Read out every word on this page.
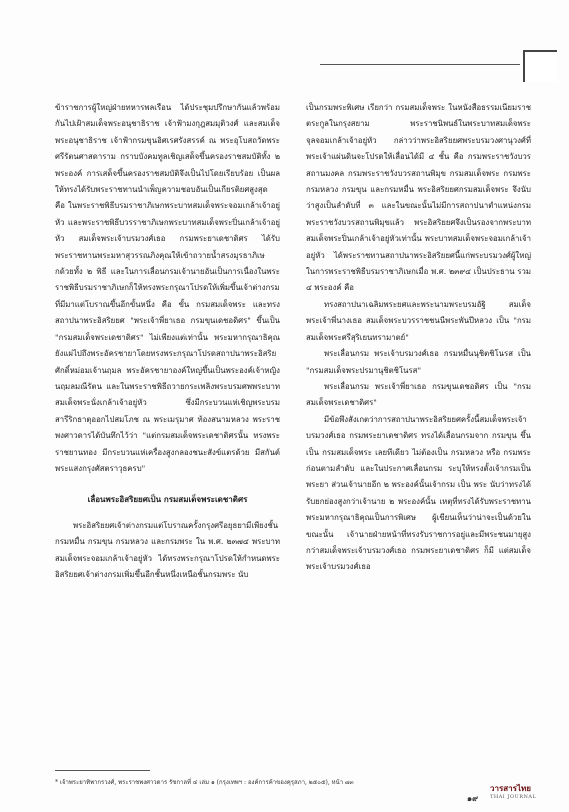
ข้าราชการผู้ใหญ่ฝ่ายทหารพลเรือน ได้ประชุมปรึกษากันแล้วพร้อมกันไปเฝ้าสมเด็จพระอนุชาธิราช เจ้าฟ้ามงกุฎสมมุติวงศ์ และสมเด็จพระอนุชาธิราช เจ้าฟ้ากรมขุนอิศเรศรังสรรค์ ณ พระอุโบสถวัดพระศรีรัตนศาสดาราม กราบบังคมทูลเชิญเสด็จขึ้นครองราชสมบัติทั้ง ๒ พระองค์ การเสด็จขึ้นครองราชสมบัติจึงเป็นไปโดยเรียบร้อย เป็นผลให้ทรงได้รับพระราชทานนำเพ็ญความชอบอันเป็นเกียรติยศสูงสุด คือ ในพระราชพิธีบรมราชาภิเษกพระบาทสมเด็จพระจอมเกล้าเจ้าอยู่หัว และพระราชพิธีบวรราชาภิเษกพระบาทสมเด็จพระปิ่นเกล้าเจ้าอยู่หัว สมเด็จพระเจ้าบรมวงศ์เธอ กรมพระยาเดชาดิศร ได้รับพระราชทานพระมหาสุวรรณภิงคุณให้เข้าถวายน้ำสรงมุรธาภิเษกด้วยทั้ง ๒ พิธี และในการเลื่อนกรมเจ้านายอันเป็นการเนื่องในพระราชพิธีบรมราชาภิเษกก็ให้ทรงพระกรุณาโปรดให้เพิ่มขึ้นเจ้าต่างกรมที่มีมาแต่โบราณขึ้นอีกขั้นหนึ่ง คือ ขั้น กรมสมเด็จพระ และทรงสถาปนาพระอิสริยยศ "พระเจ้าพี่ยาเธอ กรมขุนเดชอดิศร" ขึ้นเป็น "กรมสมเด็จพระเดชาดิศร" ไม่เพียงแต่เท่านั้น พระมหากรุณาธิคุณยังแผ่ไปถึงพระอัครชายาโดยทรงพระกรุณาโปรดสถาปนาพระอิสริยศักดิ์หม่อมเจ้านฤมล พระอัครชายาองค์ใหญ่ขึ้นเป็นพระองค์เจ้าหญิงนฤมลมณีรัตน และในพระราชพิธีถวายกระเพลิงพระบรมศพพระบาทสมเด็จพระนั่งเกล้าเจ้าอยู่หัว ซึ่งมีกระบวนแห่เชิญพระบรมสารีริกธาตุออกไปสมโภช ณ พระเมรุมาศ ท้องสนามหลวง พระราชพงศาวดารได้บันทึกไว้ว่า "แต่กรมสมเด็จพระเดชาดิศรนั้น ทรงพระราชยานทอง มีกระบวนแห่เครื่องสูงกลองชนะสังข์แตรด้วย มีสกันต์พระแสงกรุงศัสตราวุธครบ"

เลื่อนพระอิสริยยศเป็น กรมสมเด็จพระเดชาดิศร

พระอิสริยยศเจ้าต่างกรมแต่โบราณครั้งกรุงศรีอยุธยามีเพียงชั้นกรมหมื่น กรมขุน กรมหลวง และกรมพระ ใน พ.ศ. ๒๓๗๔ พระบาทสมเด็จพระจอมเกล้าเจ้าอยู่หัว ได้ทรงพระกรุณาโปรดให้กำหนดพระอิสริยยศเจ้าต่างกรมเพิ่มขึ้นอีกชั้นหนึ่งเหนือชั้นกรมพระ นับ

เป็นกรมพระพิเศษ เรียกว่า กรมสมเด็จพระ ในหนังสือธรรมเนียมราชตระกูลในกรุงสยาม พระราชนิพนธ์ในพระบาทสมเด็จพระจุลจอมเกล้าเจ้าอยู่หัว กล่าวว่าพระอิสริยยศพระบรมวงศานุวงศ์ที่พระเจ้าแผ่นดินจะโปรดให้เลื่อนได้มี ๔ ชั้น คือ กรมพระราชวังบวรสถานมงคล กรมพระราชวังบวรสถานพิมุข กรมสมเด็จพระ กรมพระ กรมหลวง กรมขุน และกรมหมื่น พระอิสริยยศกรมสมเด็จพระ จึงนับว่าสูงเป็นลำดับที่ ๓ และในขณะนั้นไม่มีการสถาปนาตำแหน่งกรมพระราชวังบวรสถานพิมุขแล้ว พระอิสริยยศจึงเป็นรองจากพระบาทสมเด็จพระปิ่นเกล้าเจ้าอยู่หัวเท่านั้น พระบาทสมเด็จพระจอมเกล้าเจ้าอยู่หัว ได้พระราชทานสถาปนาพระอิสริยยศนี้แก่พระบรมวงศ์ผู้ใหญ่ในการพระราชพิธีบรมราชาภิเษกเมื่อ พ.ศ. ๒๓๙๔ เป็นประธาน รวม ๔ พระองค์ คือ

ทรงสถาปนาเฉลิมพระยศและพระนามพระบรมอัฐิ สมเด็จพระเจ้าพี่นางเธอ สมเด็จพระบวรราชชนนีพระพันปีหลวง เป็น "กรมสมเด็จพระศรีสุริเยนทรามาตย์"

พระเลื่อนกรม พระเจ้าบรมวงศ์เธอ กรมหมื่นนุชิตชิโนรส เป็น "กรมสมเด็จพระปรมานุชิตชิโนรส"

พระเลื่อนกรม พระเจ้าพี่ยาเธอ กรมขุนเดชอดิศร เป็น "กรมสมเด็จพระเดชาดิศร"

มีข้อพึงสังเกตว่าการสถาปนาพระอิสริยยศครั้งนี้สมเด็จพระเจ้าบรมวงศ์เธอ กรมพระยาเดชาดิศร ทรงได้เลื่อนกรมจาก กรมขุน ขึ้นเป็น กรมสมเด็จพระ เลยทีเดียว ไม่ต้องเป็น กรมหลวง หรือ กรมพระ ก่อนตามลำดับ และในประกาศเลื่อนกรม ระบุให้ทรงตั้งเจ้ากรมเป็น พระยา ส่วนเจ้านายอีก ๒ พระองค์นั้นเจ้ากรม เป็น พระ นับว่าทรงได้รับยกย่องสูงกว่าเจ้านาย ๒ พระองค์นั้น เหตุที่ทรงได้รับพระราชทานพระมหากรุณาธิคุณเป็นการพิเศษ ผู้เขียนเห็นว่าน่าจะเป็นด้วยในขณะนั้น เจ้านายฝ่ายหน้าที่ทรงรับราชการอยู่และมีพระชนมายุสูงกว่าสมเด็จพระเจ้าบรมวงศ์เธอ กรมพระยาเดชาดิศร ก็มี แต่สมเด็จพระเจ้าบรมวงศ์เธอ

* เจ้าพระยาทิพากรวงศ์, พระราชพงศาวดาร รัชกาลที่ ๔ เล่ม ๑ (กรุงเทพฯ : องค์การค้าของคุรุสภา, ๒๕๐๕), หน้า ๗๓
๑๙
วารสารไทย
THAI JOURNAL
